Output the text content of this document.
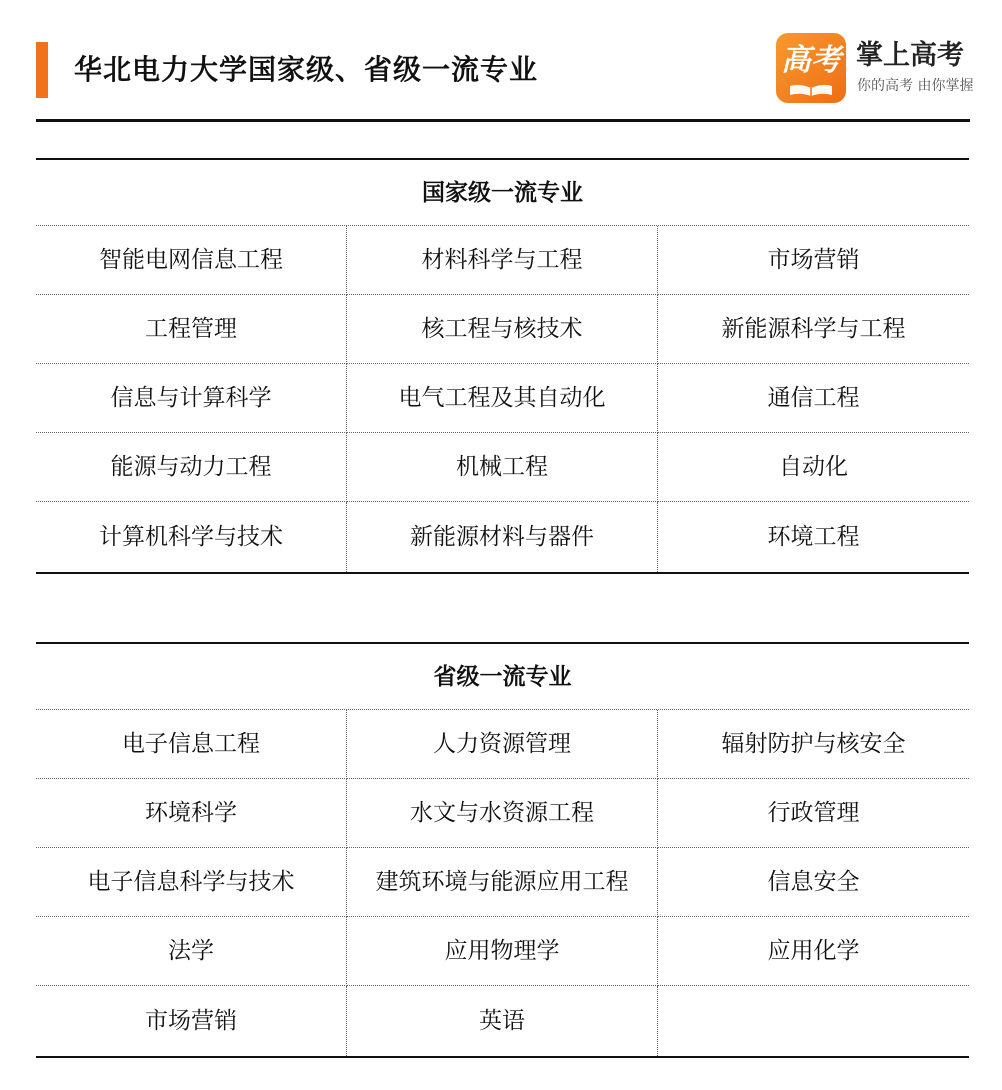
华北电力大学国家级、省级一流专业	高考 掌上高考
你的高考 由你掌握
国家级一流专业
智能电网信息工程	材料科学与工程	市场营销
工程管理	核工程与核技术	新能源科学与工程
信息与计算科学	电气工程及其自动化	通信工程
能源与动力工程	机械工程	自动化
计算机科学与技术	新能源材料与器件	环境工程
省级一流专业
电子信息工程	人力资源管理	辐射防护与核安全
环境科学	水文与水资源工程	行政管理
电子信息科学与技术	建筑环境与能源应用工程	信息安全
法学	应用物理学	应用化学
市场营销	英语
